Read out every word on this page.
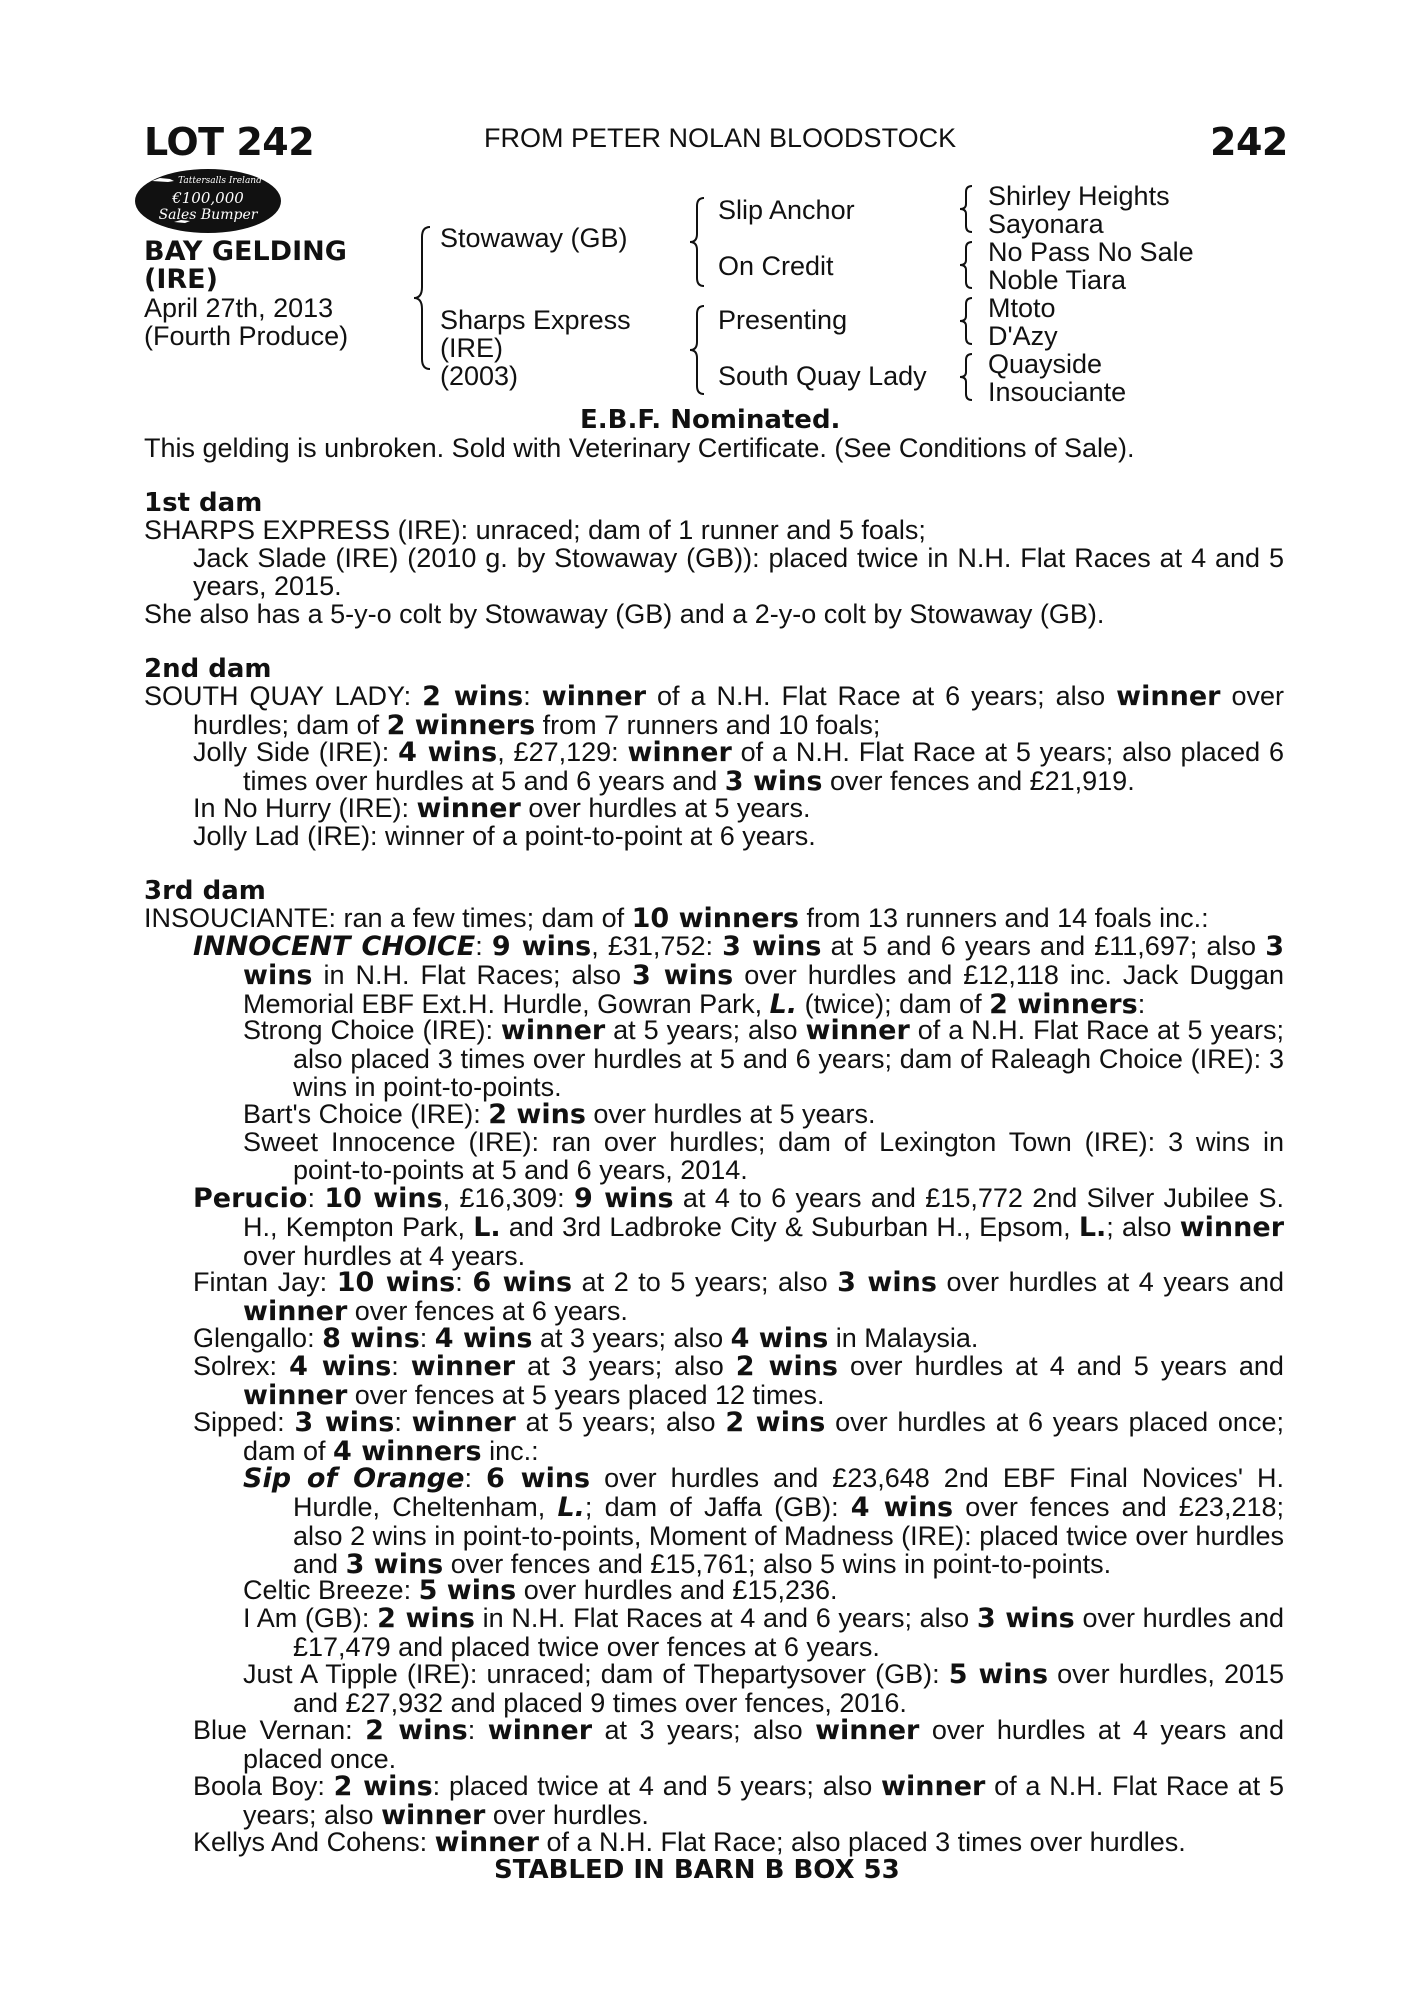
LOT 242	FROM PETER NOLAN BLOODSTOCK	242
Tattersalls Ireland
€100,000
Sales Bumper
BAY GELDING
(IRE)
April 27th, 2013
(Fourth Produce)
Stowaway (GB)
Sharps Express
(IRE)
(2003)
Slip Anchor
On Credit
Presenting
South Quay Lady
Shirley Heights
Sayonara
No Pass No Sale
Noble Tiara
Mtoto
D'Azy
Quayside
Insouciante
E.B.F. Nominated.
This gelding is unbroken. Sold with Veterinary Certificate. (See Conditions of Sale).
1st dam
SHARPS EXPRESS (IRE): unraced; dam of 1 runner and 5 foals;
Jack Slade (IRE) (2010 g. by Stowaway (GB)): placed twice in N.H. Flat Races at 4 and 5 years, 2015.
She also has a 5-y-o colt by Stowaway (GB) and a 2-y-o colt by Stowaway (GB).
2nd dam
SOUTH QUAY LADY: 2 wins: winner of a N.H. Flat Race at 6 years; also winner over hurdles; dam of 2 winners from 7 runners and 10 foals;
Jolly Side (IRE): 4 wins, £27,129: winner of a N.H. Flat Race at 5 years; also placed 6 times over hurdles at 5 and 6 years and 3 wins over fences and £21,919.
In No Hurry (IRE): winner over hurdles at 5 years.
Jolly Lad (IRE): winner of a point-to-point at 6 years.
3rd dam
INSOUCIANTE: ran a few times; dam of 10 winners from 13 runners and 14 foals inc.:
INNOCENT CHOICE: 9 wins, £31,752: 3 wins at 5 and 6 years and £11,697; also 3 wins in N.H. Flat Races; also 3 wins over hurdles and £12,118 inc. Jack Duggan Memorial EBF Ext.H. Hurdle, Gowran Park, L. (twice); dam of 2 winners:
Strong Choice (IRE): winner at 5 years; also winner of a N.H. Flat Race at 5 years; also placed 3 times over hurdles at 5 and 6 years; dam of Raleagh Choice (IRE): 3 wins in point-to-points.
Bart's Choice (IRE): 2 wins over hurdles at 5 years.
Sweet Innocence (IRE): ran over hurdles; dam of Lexington Town (IRE): 3 wins in point-to-points at 5 and 6 years, 2014.
Perucio: 10 wins, £16,309: 9 wins at 4 to 6 years and £15,772 2nd Silver Jubilee S. H., Kempton Park, L. and 3rd Ladbroke City & Suburban H., Epsom, L.; also winner over hurdles at 4 years.
Fintan Jay: 10 wins: 6 wins at 2 to 5 years; also 3 wins over hurdles at 4 years and winner over fences at 6 years.
Glengallo: 8 wins: 4 wins at 3 years; also 4 wins in Malaysia.
Solrex: 4 wins: winner at 3 years; also 2 wins over hurdles at 4 and 5 years and winner over fences at 5 years placed 12 times.
Sipped: 3 wins: winner at 5 years; also 2 wins over hurdles at 6 years placed once; dam of 4 winners inc.:
Sip of Orange: 6 wins over hurdles and £23,648 2nd EBF Final Novices' H. Hurdle, Cheltenham, L.; dam of Jaffa (GB): 4 wins over fences and £23,218; also 2 wins in point-to-points, Moment of Madness (IRE): placed twice over hurdles and 3 wins over fences and £15,761; also 5 wins in point-to-points.
Celtic Breeze: 5 wins over hurdles and £15,236.
I Am (GB): 2 wins in N.H. Flat Races at 4 and 6 years; also 3 wins over hurdles and £17,479 and placed twice over fences at 6 years.
Just A Tipple (IRE): unraced; dam of Thepartysover (GB): 5 wins over hurdles, 2015 and £27,932 and placed 9 times over fences, 2016.
Blue Vernan: 2 wins: winner at 3 years; also winner over hurdles at 4 years and placed once.
Boola Boy: 2 wins: placed twice at 4 and 5 years; also winner of a N.H. Flat Race at 5 years; also winner over hurdles.
Kellys And Cohens: winner of a N.H. Flat Race; also placed 3 times over hurdles.
STABLED IN BARN B BOX 53
